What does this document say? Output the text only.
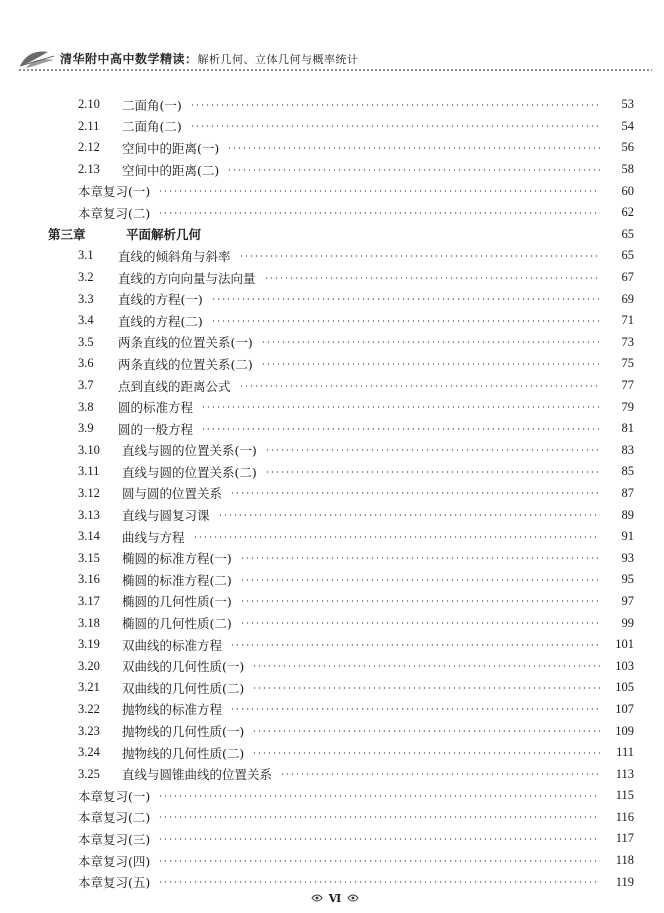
清华附中高中数学精读：解析几何、立体几何与概率统计
2.10	二面角(一)	53
2.11	二面角(二)	54
2.12	空间中的距离(一)	56
2.13	空间中的距离(二)	58
本章复习(一)	60
本章复习(二)	62
第三章	平面解析几何	65
3.1	直线的倾斜角与斜率	65
3.2	直线的方向向量与法向量	67
3.3	直线的方程(一)	69
3.4	直线的方程(二)	71
3.5	两条直线的位置关系(一)	73
3.6	两条直线的位置关系(二)	75
3.7	点到直线的距离公式	77
3.8	圆的标准方程	79
3.9	圆的一般方程	81
3.10	直线与圆的位置关系(一)	83
3.11	直线与圆的位置关系(二)	85
3.12	圆与圆的位置关系	87
3.13	直线与圆复习课	89
3.14	曲线与方程	91
3.15	椭圆的标准方程(一)	93
3.16	椭圆的标准方程(二)	95
3.17	椭圆的几何性质(一)	97
3.18	椭圆的几何性质(二)	99
3.19	双曲线的标准方程	101
3.20	双曲线的几何性质(一)	103
3.21	双曲线的几何性质(二)	105
3.22	抛物线的标准方程	107
3.23	抛物线的几何性质(一)	109
3.24	抛物线的几何性质(二)	111
3.25	直线与圆锥曲线的位置关系	113
本章复习(一)	115
本章复习(二)	116
本章复习(三)	117
本章复习(四)	118
本章复习(五)	119
Ⅵ
